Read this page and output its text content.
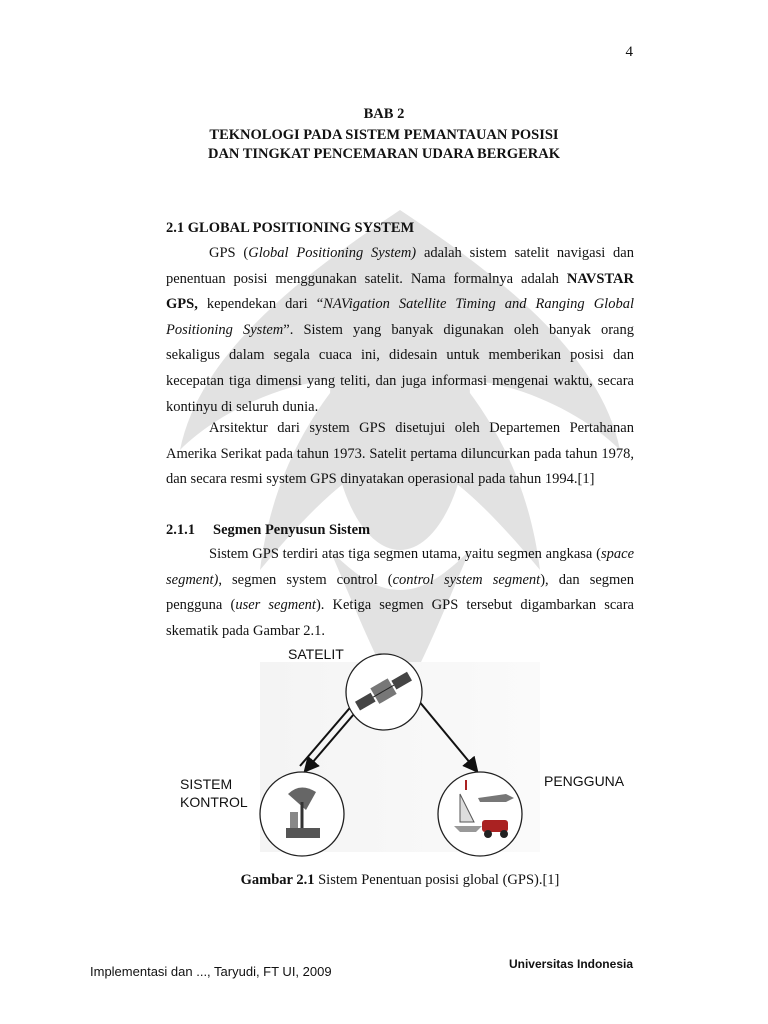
4
BAB 2
TEKNOLOGI PADA SISTEM PEMANTAUAN POSISI
DAN TINGKAT PENCEMARAN UDARA BERGERAK
2.1 GLOBAL POSITIONING SYSTEM

GPS (Global Positioning System) adalah sistem satelit navigasi dan penentuan posisi menggunakan satelit. Nama formalnya adalah NAVSTAR GPS, kependekan dari “NAVigation Satellite Timing and Ranging Global Positioning System”. Sistem yang banyak digunakan oleh banyak orang sekaligus dalam segala cuaca ini, didesain untuk memberikan posisi dan kecepatan tiga dimensi yang teliti, dan juga informasi mengenai waktu, secara kontinyu di seluruh dunia.

Arsitektur dari system GPS disetujui oleh Departemen Pertahanan Amerika Serikat pada tahun 1973. Satelit pertama diluncurkan pada tahun 1978, dan secara resmi system GPS dinyatakan operasional pada tahun 1994.[1]

2.1.1 Segmen Penyusun Sistem

Sistem GPS terdiri atas tiga segmen utama, yaitu segmen angkasa (space segment), segmen system control (control system segment), dan segmen pengguna (user segment). Ketiga segmen GPS tersebut digambarkan scara skematik pada Gambar 2.1.

SATELIT
SISTEM
KONTROL
PENGGUNA
Gambar 2.1 Sistem Penentuan posisi global (GPS).[1]
Universitas Indonesia
Implementasi dan ..., Taryudi, FT UI, 2009
